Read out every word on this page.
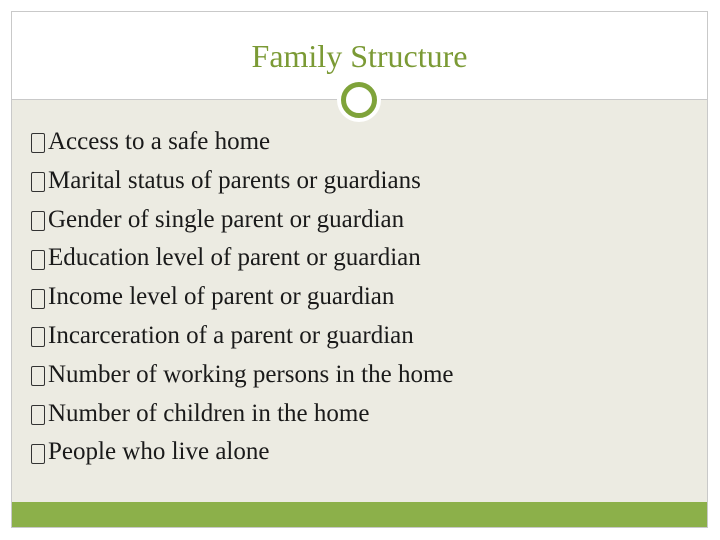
Family Structure
Access to a safe home
Marital status of parents or guardians
Gender of single parent or guardian
Education level of parent or guardian
Income level of parent or guardian
Incarceration of a parent or guardian
Number of working persons in the home
Number of children in the home
People who live alone
